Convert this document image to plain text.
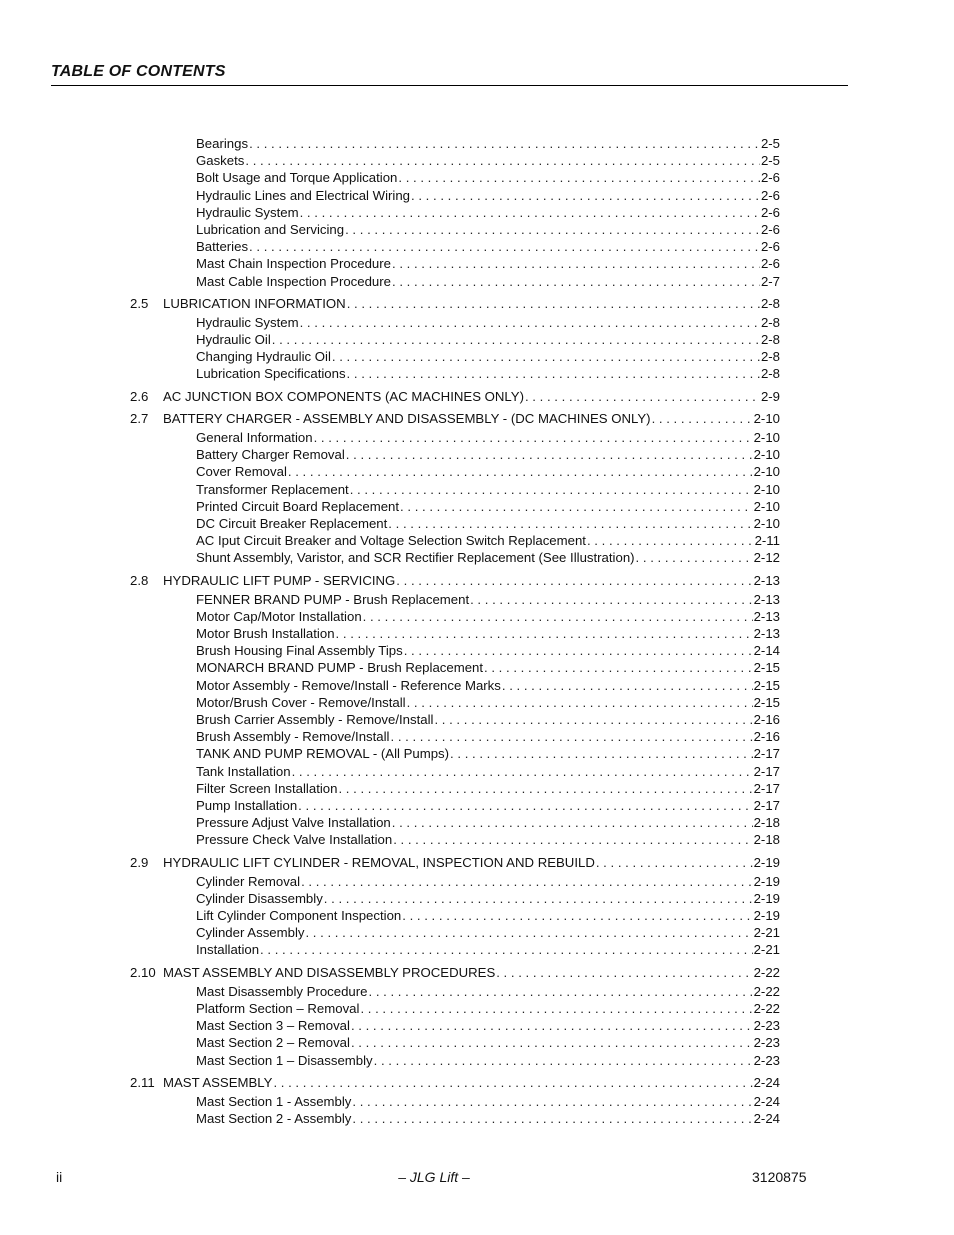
TABLE OF CONTENTS
Bearings . . .	2-5
Gaskets . . .	2-5
Bolt Usage and Torque Application . . .	2-6
Hydraulic Lines and Electrical Wiring . . .	2-6
Hydraulic System . . .	2-6
Lubrication and Servicing . . .	2-6
Batteries . . .	2-6
Mast Chain Inspection Procedure . . .	2-6
Mast Cable Inspection Procedure . . .	2-7
2.5	LUBRICATION INFORMATION . . .	2-8
Hydraulic System . . .	2-8
Hydraulic Oil . . .	2-8
Changing Hydraulic Oil . . .	2-8
Lubrication Specifications . . .	2-8
2.6	AC JUNCTION BOX COMPONENTS (AC MACHINES ONLY) . . .	2-9
2.7	BATTERY CHARGER - ASSEMBLY AND DISASSEMBLY - (DC MACHINES ONLY) . . .	2-10
General Information . . .	2-10
Battery Charger Removal . . .	2-10
Cover Removal . . .	2-10
Transformer Replacement . . .	2-10
Printed Circuit Board Replacement . . .	2-10
DC Circuit Breaker Replacement . . .	2-10
AC Iput Circuit Breaker and Voltage Selection Switch Replacement . . .	2-11
Shunt Assembly, Varistor, and SCR Rectifier Replacement (See Illustration) . . .	2-12
2.8	HYDRAULIC LIFT PUMP - SERVICING . . .	2-13
FENNER BRAND PUMP - Brush Replacement . . .	2-13
Motor Cap/Motor Installation . . .	2-13
Motor Brush Installation . . .	2-13
Brush Housing Final Assembly Tips . . .	2-14
MONARCH BRAND PUMP - Brush Replacement . . .	2-15
Motor Assembly - Remove/Install - Reference Marks . . .	2-15
Motor/Brush Cover - Remove/Install . . .	2-15
Brush Carrier Assembly - Remove/Install . . .	2-16
Brush Assembly - Remove/Install . . .	2-16
TANK AND PUMP REMOVAL - (All Pumps) . . .	2-17
Tank Installation . . .	2-17
Filter Screen Installation . . .	2-17
Pump Installation . . .	2-17
Pressure Adjust Valve Installation . . .	2-18
Pressure Check Valve Installation . . .	2-18
2.9	HYDRAULIC LIFT CYLINDER - REMOVAL, INSPECTION AND REBUILD . . .	2-19
Cylinder Removal . . .	2-19
Cylinder Disassembly . . .	2-19
Lift Cylinder Component Inspection . . .	2-19
Cylinder Assembly . . .	2-21
Installation . . .	2-21
2.10 MAST ASSEMBLY AND DISASSEMBLY PROCEDURES . . .	2-22
Mast Disassembly Procedure . . .	2-22
Platform Section – Removal . . .	2-22
Mast Section 3 – Removal . . .	2-23
Mast Section 2 – Removal . . .	2-23
Mast Section 1 – Disassembly . . .	2-23
2.11 MAST ASSEMBLY . . .	2-24
Mast Section 1 - Assembly . . .	2-24
Mast Section 2 - Assembly . . .	2-24
ii	– JLG Lift –	3120875
